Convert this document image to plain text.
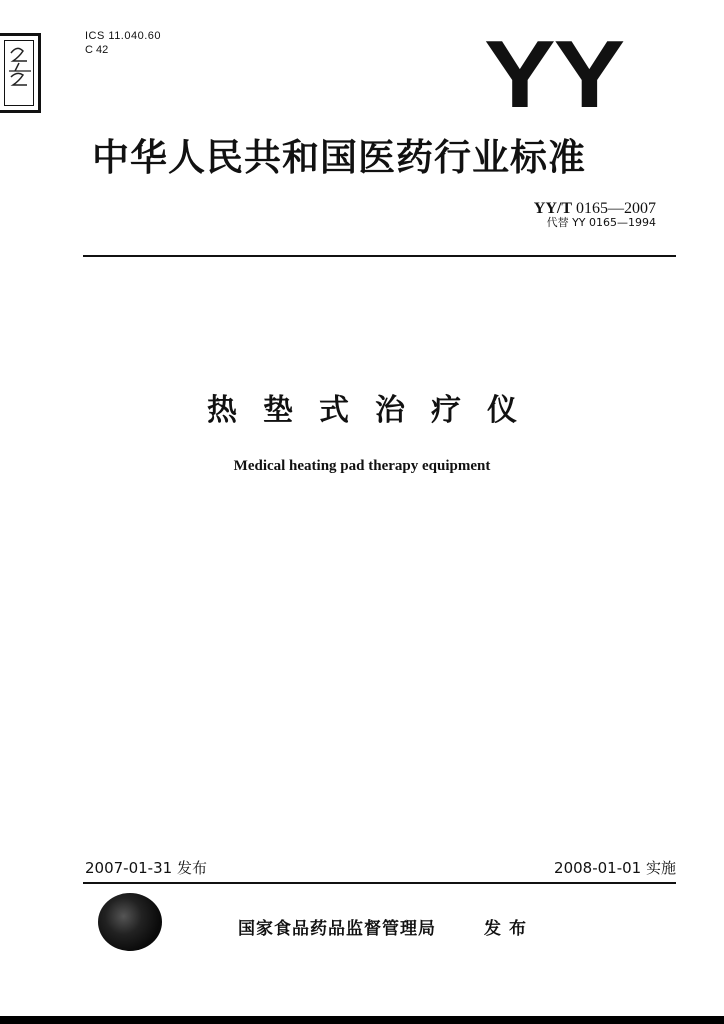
ICS 11.040.60
C 42	YY
中华人民共和国医药行业标准
YY/T 0165—2007
代替 YY 0165—1994
热垫式治疗仪
Medical heating pad therapy equipment
2007-01-31 发布	2008-01-01 实施
国家食品药品监督管理局	发布
